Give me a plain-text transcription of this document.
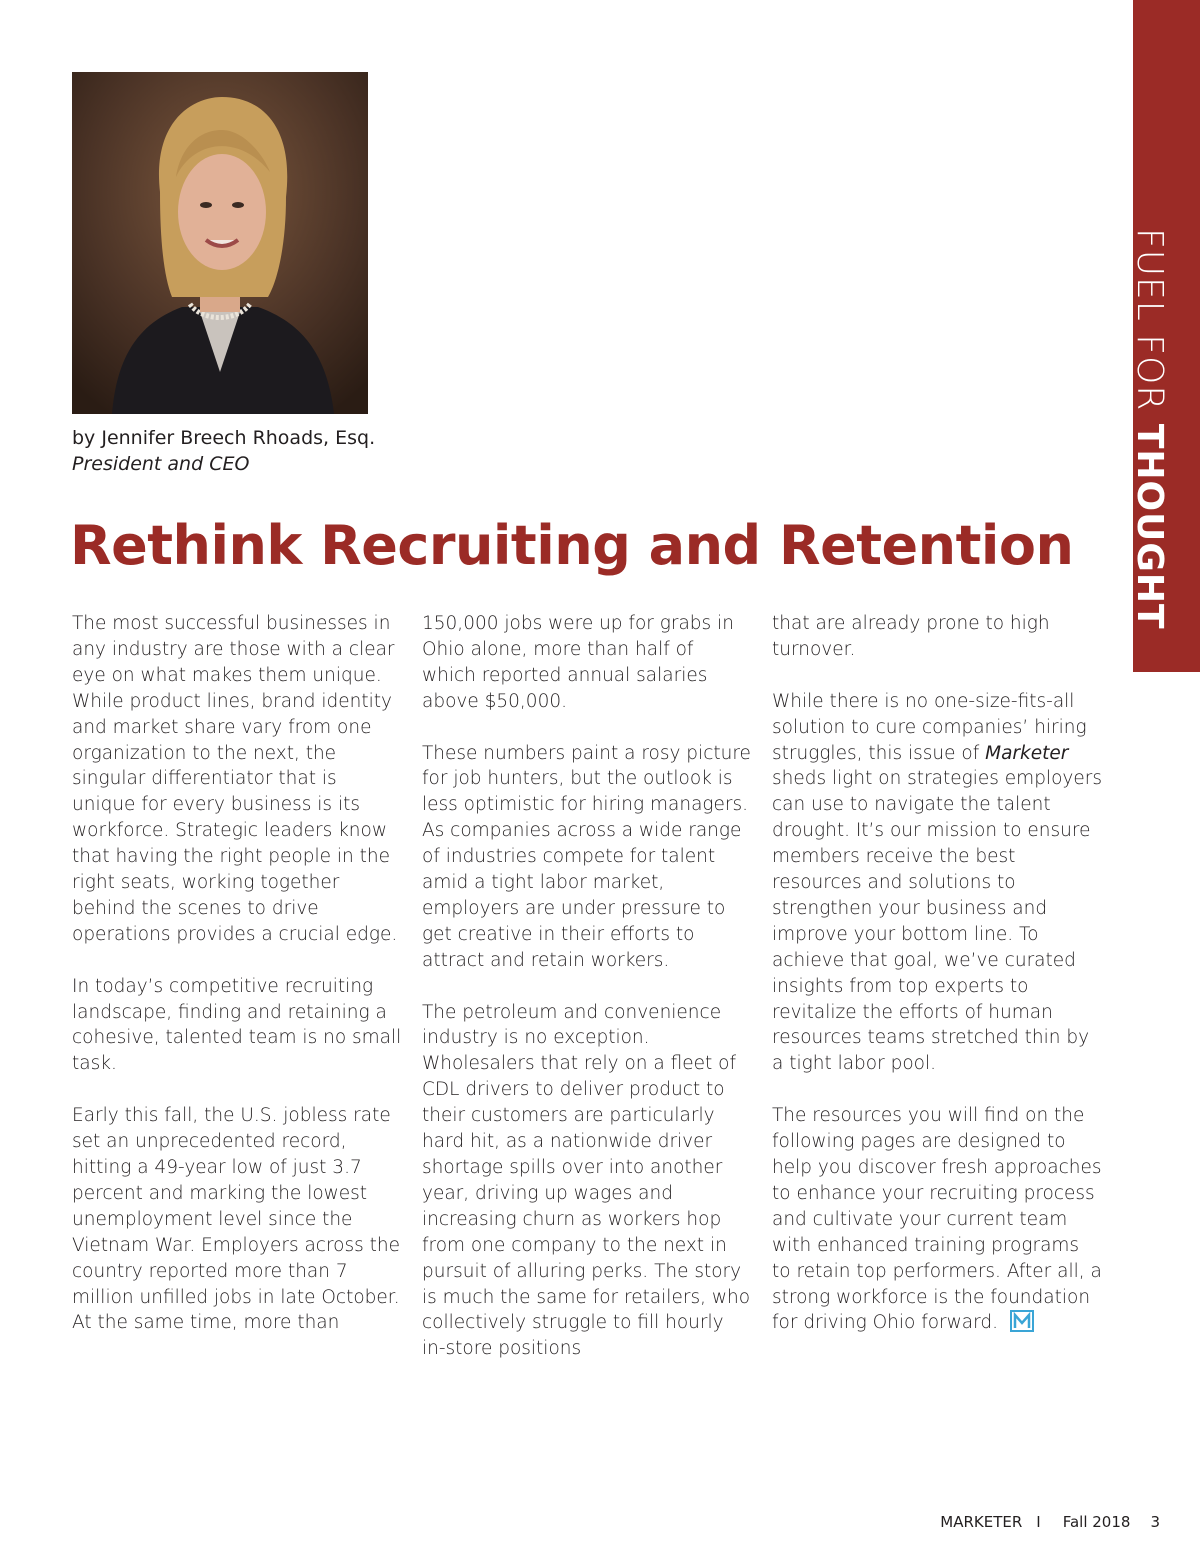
FUEL FOR THOUGHT
by Jennifer Breech Rhoads, Esq.
President and CEO
Rethink Recruiting and Retention

The most successful businesses in any industry are those with a clear eye on what makes them unique. While product lines, brand identity and market share vary from one organization to the next, the singular differentiator that is unique for every business is its workforce. Strategic leaders know that having the right people in the right seats, working together behind the scenes to drive operations provides a crucial edge.

In today’s competitive recruiting landscape, finding and retaining a cohesive, talented team is no small task.

Early this fall, the U.S. jobless rate set an unprecedented record, hitting a 49-year low of just 3.7 percent and marking the lowest unemployment level since the Vietnam War. Employers across the country reported more than 7 million unfilled jobs in late October. At the same time, more than

150,000 jobs were up for grabs in Ohio alone, more than half of which reported annual salaries above $50,000.

These numbers paint a rosy picture for job hunters, but the outlook is less optimistic for hiring managers. As companies across a wide range of industries compete for talent amid a tight labor market, employers are under pressure to get creative in their efforts to attract and retain workers.

The petroleum and convenience industry is no exception. Wholesalers that rely on a fleet of CDL drivers to deliver product to their customers are particularly hard hit, as a nationwide driver shortage spills over into another year, driving up wages and increasing churn as workers hop from one company to the next in pursuit of alluring perks. The story is much the same for retailers, who collectively struggle to fill hourly in-store positions

that are already prone to high turnover.

While there is no one-size-fits-all solution to cure companies’ hiring struggles, this issue of Marketer sheds light on strategies employers can use to navigate the talent drought. It’s our mission to ensure members receive the best resources and solutions to strengthen your business and improve your bottom line. To achieve that goal, we’ve curated insights from top experts to revitalize the efforts of human resources teams stretched thin by a tight labor pool.

The resources you will find on the following pages are designed to help you discover fresh approaches to enhance your recruiting process and cultivate your current team with enhanced training programs to retain top performers. After all, a strong workforce is the foundation for driving Ohio forward.

MARKETER I Fall 2018 3
